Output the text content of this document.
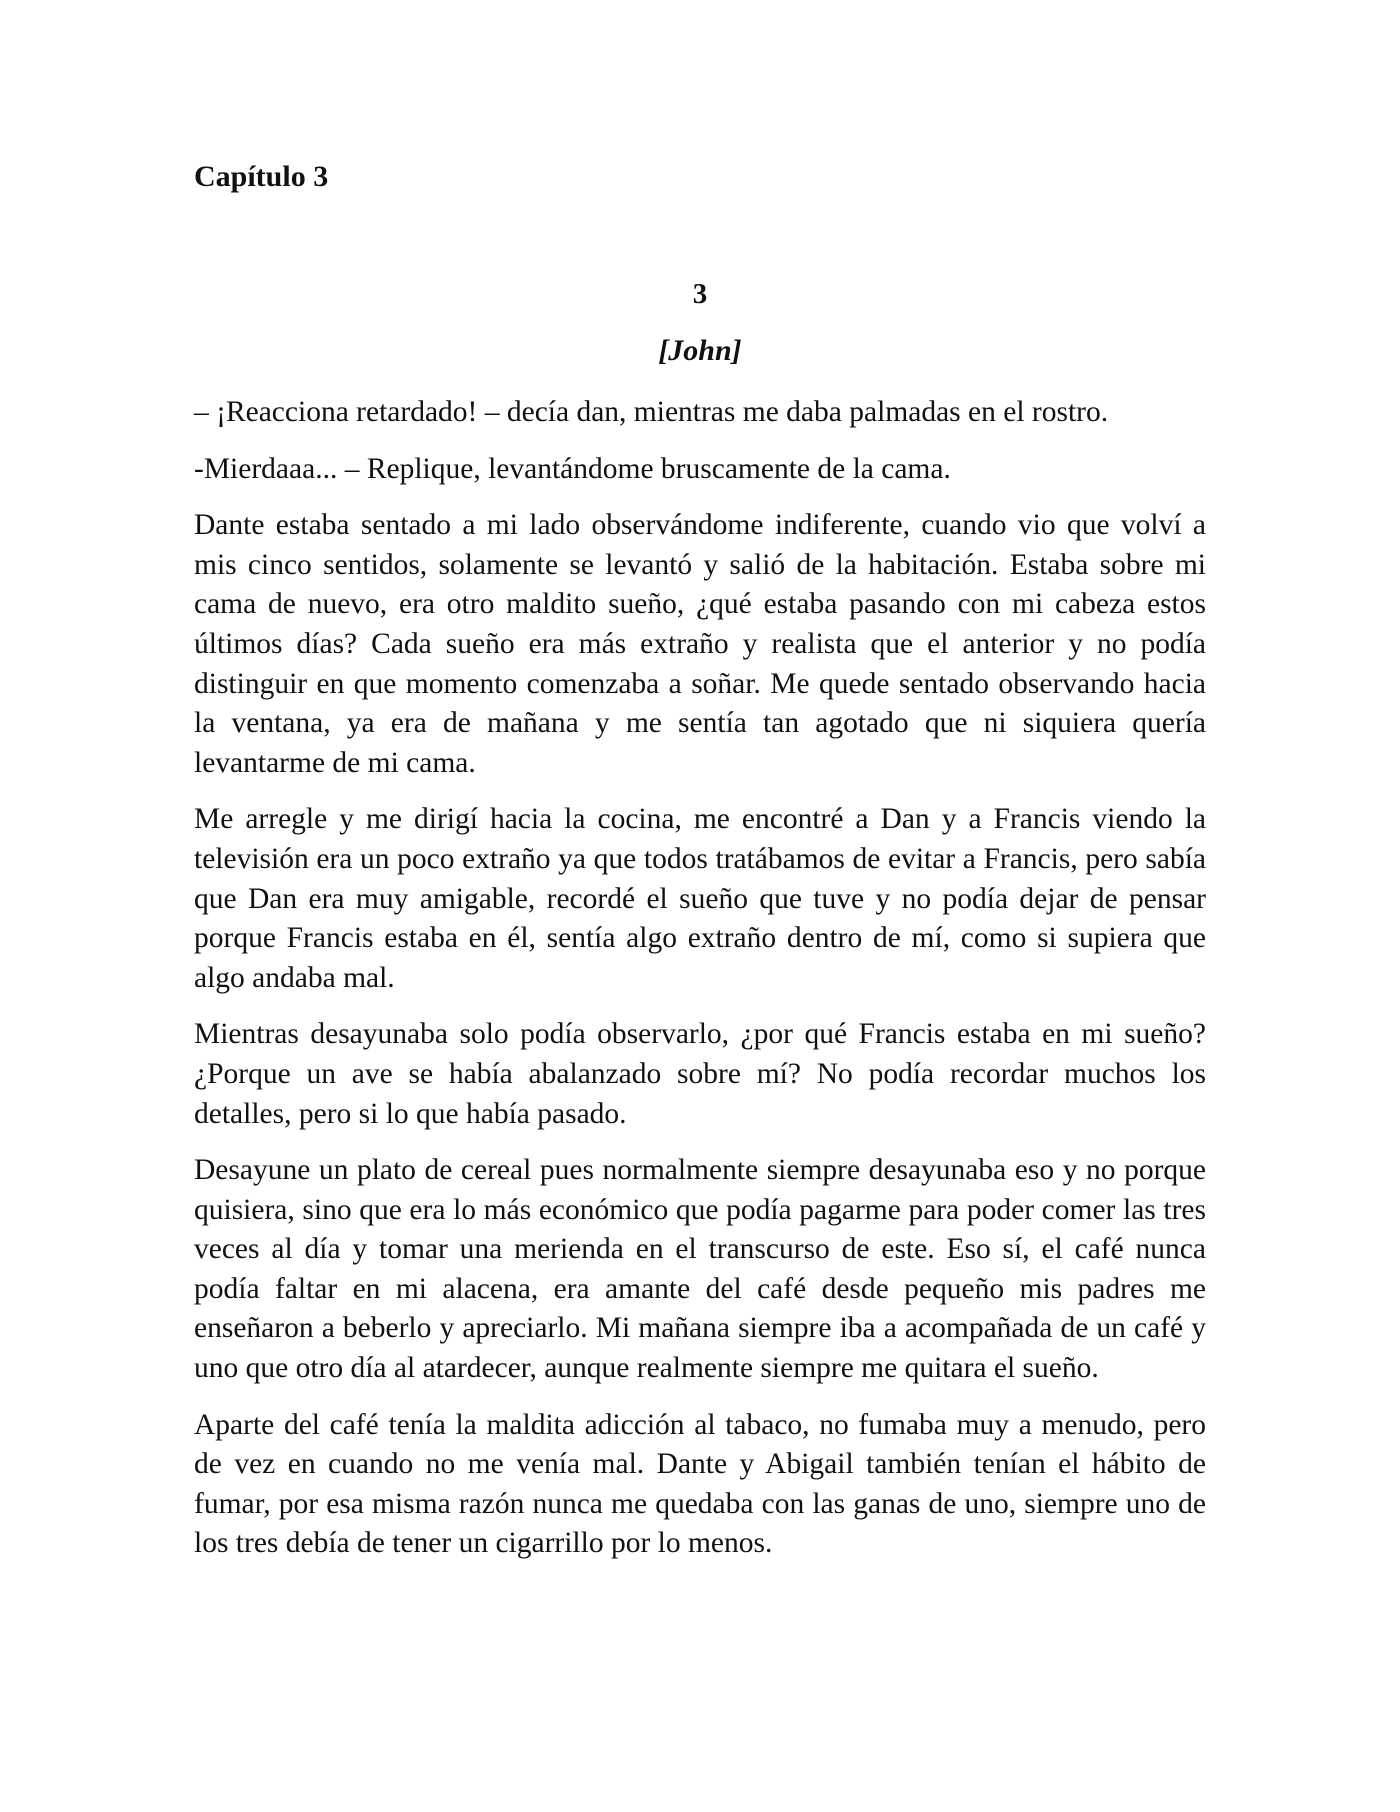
Capítulo 3
3
[John]

– ¡Reacciona retardado! – decía dan, mientras me daba palmadas en el rostro.

-Mierdaaa... – Replique, levantándome bruscamente de la cama.

Dante estaba sentado a mi lado observándome indiferente, cuando vio que volví a mis cinco sentidos, solamente se levantó y salió de la habitación. Estaba sobre mi cama de nuevo, era otro maldito sueño, ¿qué estaba pasando con mi cabeza estos últimos días? Cada sueño era más extraño y realista que el anterior y no podía distinguir en que momento comenzaba a soñar. Me quede sentado observando hacia la ventana, ya era de mañana y me sentía tan agotado que ni siquiera quería levantarme de mi cama.

Me arregle y me dirigí hacia la cocina, me encontré a Dan y a Francis viendo la televisión era un poco extraño ya que todos tratábamos de evitar a Francis, pero sabía que Dan era muy amigable, recordé el sueño que tuve y no podía dejar de pensar porque Francis estaba en él, sentía algo extraño dentro de mí, como si supiera que algo andaba mal.

Mientras desayunaba solo podía observarlo, ¿por qué Francis estaba en mi sueño? ¿Porque un ave se había abalanzado sobre mí? No podía recordar muchos los detalles, pero si lo que había pasado.

Desayune un plato de cereal pues normalmente siempre desayunaba eso y no porque quisiera, sino que era lo más económico que podía pagarme para poder comer las tres veces al día y tomar una merienda en el transcurso de este. Eso sí, el café nunca podía faltar en mi alacena, era amante del café desde pequeño mis padres me enseñaron a beberlo y apreciarlo. Mi mañana siempre iba a acompañada de un café y uno que otro día al atardecer, aunque realmente siempre me quitara el sueño.

Aparte del café tenía la maldita adicción al tabaco, no fumaba muy a menudo, pero de vez en cuando no me venía mal. Dante y Abigail también tenían el hábito de fumar, por esa misma razón nunca me quedaba con las ganas de uno, siempre uno de los tres debía de tener un cigarrillo por lo menos.
